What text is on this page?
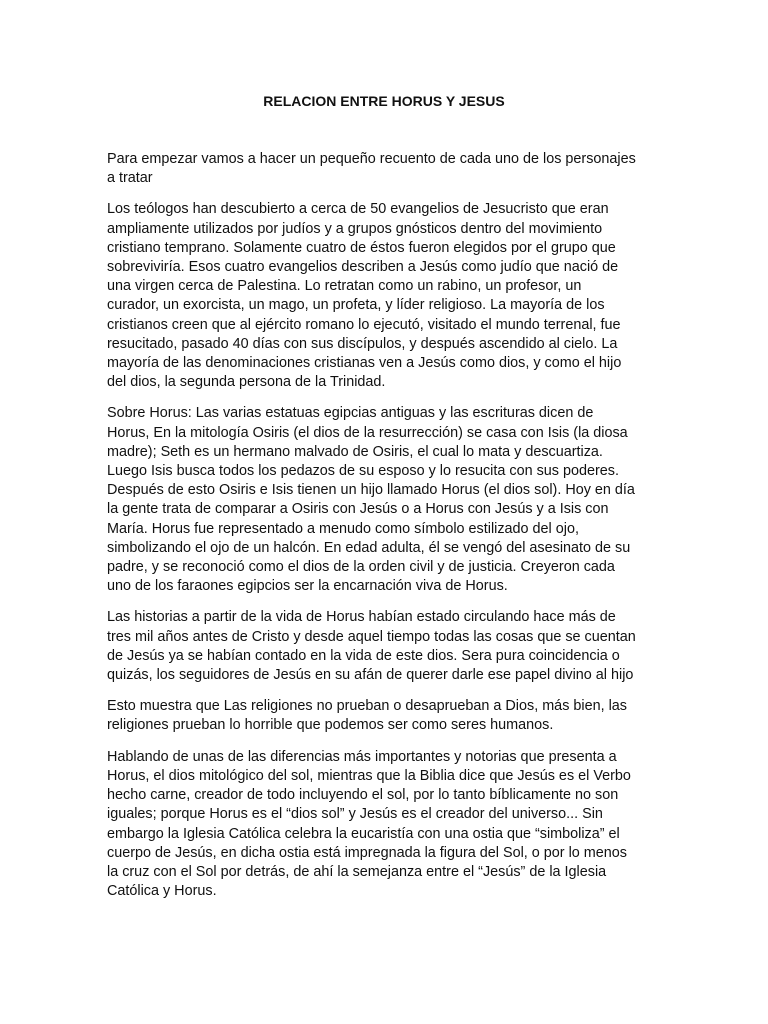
RELACION ENTRE HORUS Y JESUS

Para empezar vamos a hacer un pequeño recuento de cada uno de los personajes
a tratar

Los teólogos han descubierto a cerca de 50 evangelios de Jesucristo que eran
ampliamente utilizados por judíos y a grupos gnósticos dentro del movimiento
cristiano temprano. Solamente cuatro de éstos fueron elegidos por el grupo que
sobreviviría. Esos cuatro evangelios describen a Jesús como judío que nació de
una virgen cerca de Palestina. Lo retratan como un rabino, un profesor, un
curador, un exorcista, un mago, un profeta, y líder religioso. La mayoría de los
cristianos creen que al ejército romano lo ejecutó, visitado el mundo terrenal, fue
resucitado, pasado 40 días con sus discípulos, y después ascendido al cielo. La
mayoría de las denominaciones cristianas ven a Jesús como dios, y como el hijo
del dios, la segunda persona de la Trinidad.

Sobre Horus: Las varias estatuas egipcias antiguas y las escrituras dicen de
Horus, En la mitología Osiris (el dios de la resurrección) se casa con Isis (la diosa
madre); Seth es un hermano malvado de Osiris, el cual lo mata y descuartiza.
Luego Isis busca todos los pedazos de su esposo y lo resucita con sus poderes.
Después de esto Osiris e Isis tienen un hijo llamado Horus (el dios sol). Hoy en día
la gente trata de comparar a Osiris con Jesús o a Horus con Jesús y a Isis con
María. Horus fue representado a menudo como símbolo estilizado del ojo,
simbolizando el ojo de un halcón. En edad adulta, él se vengó del asesinato de su
padre, y se reconoció como el dios de la orden civil y de justicia. Creyeron cada
uno de los faraones egipcios ser la encarnación viva de Horus.

Las historias a partir de la vida de Horus habían estado circulando hace más de
tres mil años antes de Cristo y desde aquel tiempo todas las cosas que se cuentan
de Jesús ya se habían contado en la vida de este dios. Sera pura coincidencia o
quizás, los seguidores de Jesús en su afán de querer darle ese papel divino al hijo

Esto muestra que Las religiones no prueban o desaprueban a Dios, más bien, las
religiones prueban lo horrible que podemos ser como seres humanos.

Hablando de unas de las diferencias más importantes y notorias que presenta a
Horus, el dios mitológico del sol, mientras que la Biblia dice que Jesús es el Verbo
hecho carne, creador de todo incluyendo el sol, por lo tanto bíblicamente no son
iguales; porque Horus es el “dios sol” y Jesús es el creador del universo... Sin
embargo la Iglesia Católica celebra la eucaristía con una ostia que “simboliza” el
cuerpo de Jesús, en dicha ostia está impregnada la figura del Sol, o por lo menos
la cruz con el Sol por detrás, de ahí la semejanza entre el “Jesús” de la Iglesia
Católica y Horus.
